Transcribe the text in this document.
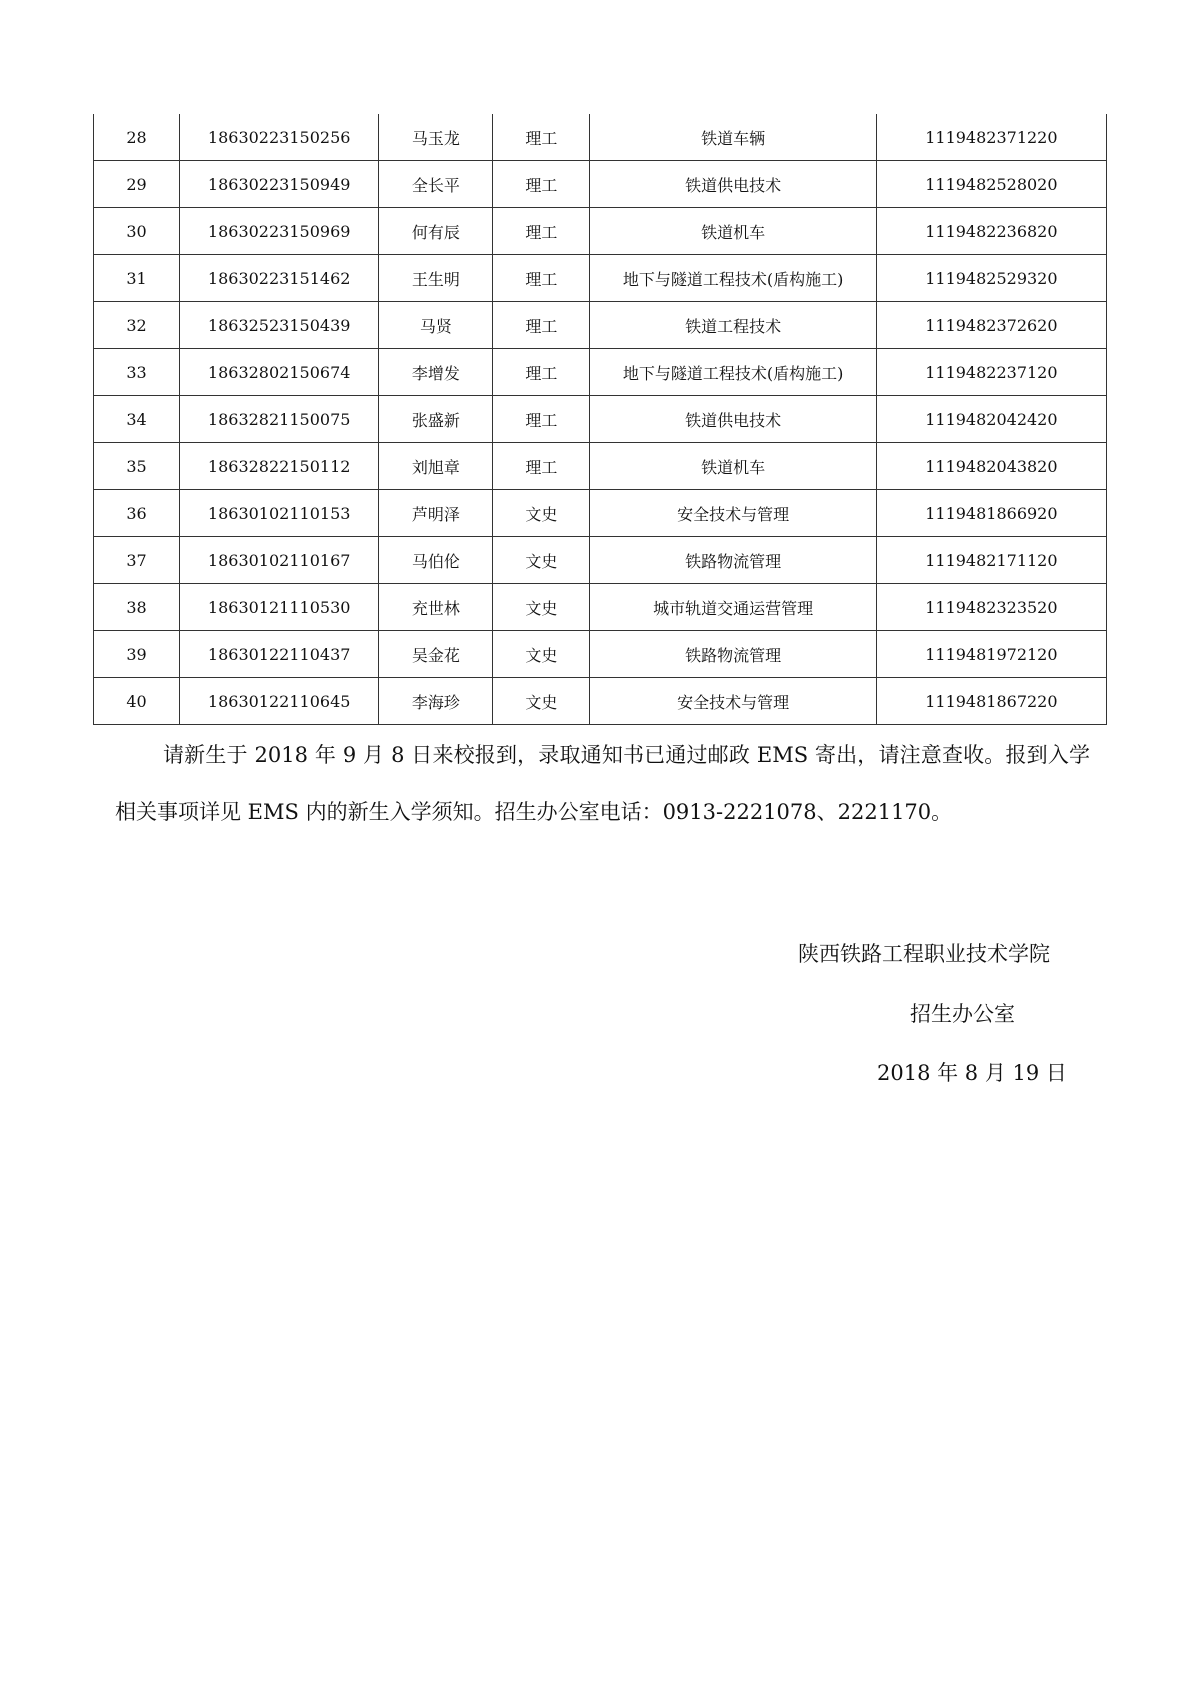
28	18630223150256	马玉龙	理工	铁道车辆	1119482371220
29	18630223150949	全长平	理工	铁道供电技术	1119482528020
30	18630223150969	何有辰	理工	铁道机车	1119482236820
31	18630223151462	王生明	理工	地下与隧道工程技术(盾构施工)	1119482529320
32	18632523150439	马贤	理工	铁道工程技术	1119482372620
33	18632802150674	李增发	理工	地下与隧道工程技术(盾构施工)	1119482237120
34	18632821150075	张盛新	理工	铁道供电技术	1119482042420
35	18632822150112	刘旭章	理工	铁道机车	1119482043820
36	18630102110153	芦明泽	文史	安全技术与管理	1119481866920
37	18630102110167	马伯伦	文史	铁路物流管理	1119482171120
38	18630121110530	充世林	文史	城市轨道交通运营管理	1119482323520
39	18630122110437	吴金花	文史	铁路物流管理	1119481972120
40	18630122110645	李海珍	文史	安全技术与管理	1119481867220

请新生于 2018 年 9 月 8 日来校报到，录取通知书已通过邮政 EMS 寄出，请注意查收。报到入学相关事项详见 EMS 内的新生入学须知。招生办公室电话：0913-2221078、2221170。

陕西铁路工程职业技术学院

招生办公室

2018 年 8 月 19 日
